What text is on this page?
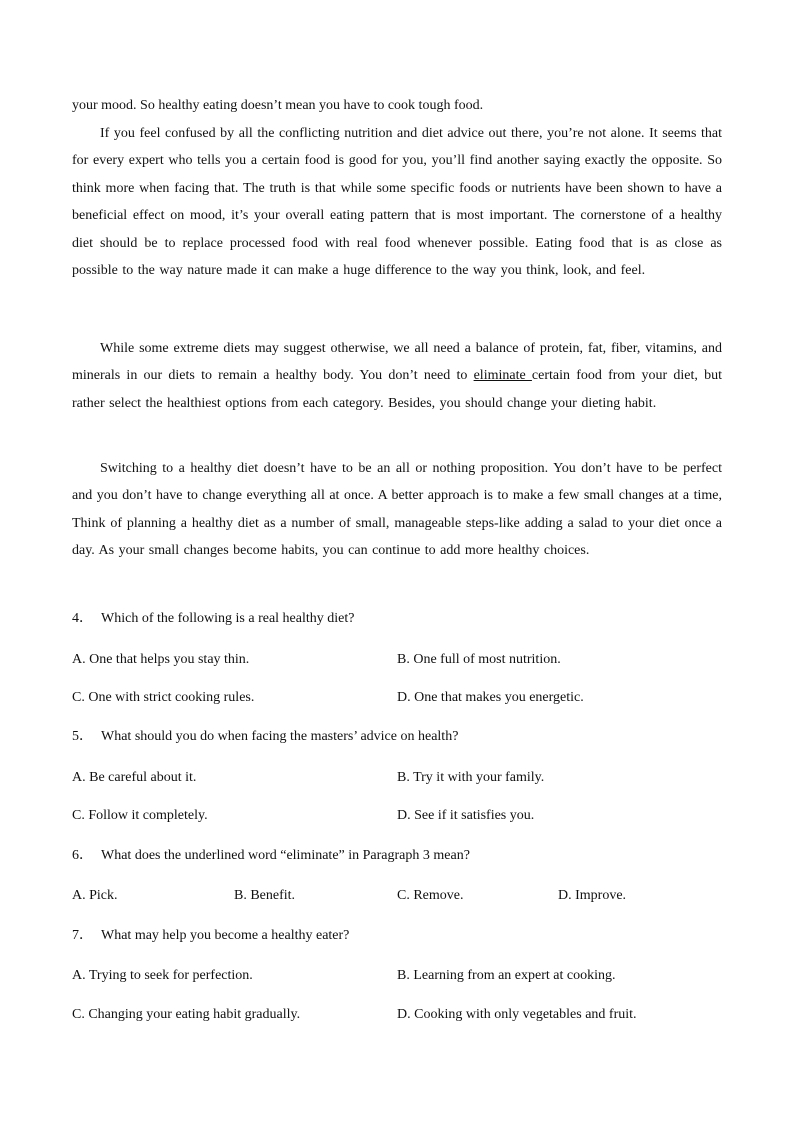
your mood. So healthy eating doesn’t mean you have to cook tough food.

If you feel confused by all the conflicting nutrition and diet advice out there, you’re not alone. It seems that for every expert who tells you a certain food is good for you, you’ll find another saying exactly the opposite. So think more when facing that. The truth is that while some specific foods or nutrients have been shown to have a beneficial effect on mood, it’s your overall eating pattern that is most important. The cornerstone of a healthy diet should be to replace processed food with real food whenever possible. Eating food that is as close as possible to the way nature made it can make a huge difference to the way you think, look, and feel.

While some extreme diets may suggest otherwise, we all need a balance of protein, fat, fiber, vitamins, and minerals in our diets to remain a healthy body. You don’t need to eliminate certain food from your diet, but rather select the healthiest options from each category. Besides, you should change your dieting habit.

Switching to a healthy diet doesn’t have to be an all or nothing proposition. You don’t have to be perfect and you don’t have to change everything all at once. A better approach is to make a few small changes at a time, Think of planning a healthy diet as a number of small, manageable steps-like adding a salad to your diet once a day. As your small changes become habits, you can continue to add more healthy choices.

4． Which of the following is a real healthy diet?
A. One that helps you stay thin.	B. One full of most nutrition.
C. One with strict cooking rules.	D. One that makes you energetic.
5． What should you do when facing the masters’ advice on health?
A. Be careful about it.	B. Try it with your family.
C. Follow it completely.	D. See if it satisfies you.
6． What does the underlined word “eliminate” in Paragraph 3 mean?
A. Pick.	B. Benefit.	C. Remove.	D. Improve.
7． What may help you become a healthy eater?
A. Trying to seek for perfection.	B. Learning from an expert at cooking.
C. Changing your eating habit gradually.	D. Cooking with only vegetables and fruit.
